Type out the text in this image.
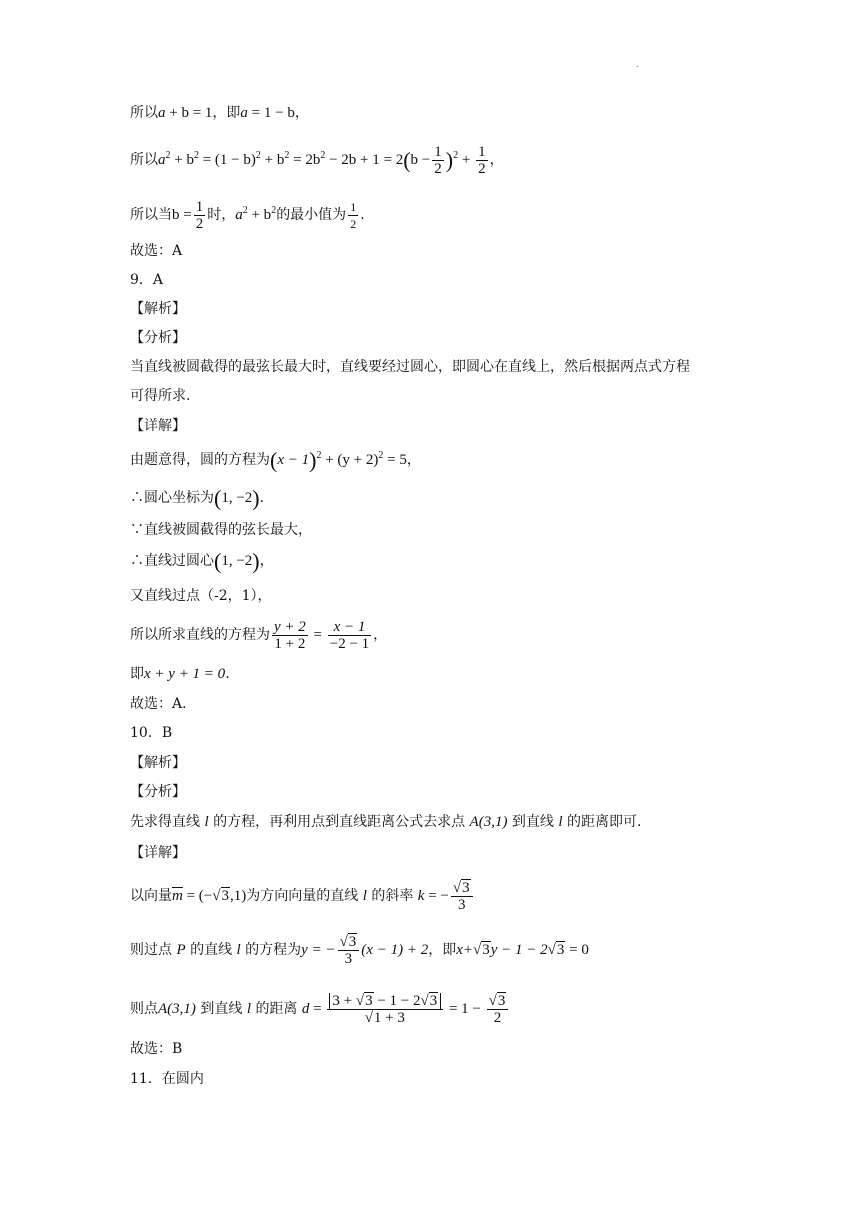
.
所以a + b = 1，即a = 1 − b，
所以$a^2 + b^2 = (1 - b)^2 + b^2 = 2b^2 - 2b + 1 = 2(b - \frac{1}{2} )^2 + \frac{1}{2}$ ，
所以当$b = \frac{1}{2}$ 时，$a^2 + b^2$的最小值为 $\frac{1}{2}$ .
故选：A
9．A
【解析】
【分析】
当直线被圆截得的最弦长最大时，直线要经过圆心，即圆心在直线上，然后根据两点式方程
可得所求.
【详解】
由题意得，圆的方程为$(x - 1)^2 + (y + 2)^2 = 5$，
∴圆心坐标为(1, −2).
∵直线被圆截得的弦长最大，
∴直线过圆心(1, −2)，
又直线过点（-2，1），
所以所求直线的方程为 $\frac{y + 2}{1 + 2} = \frac{x - 1}{-2 - 1}$ ，
即x + y + 1 = 0.
故选：A．
10．B
【解析】
【分析】
先求得直线 l 的方程，再利用点到直线距离公式去求点 A(3,1) 到直线 l 的距离即可.
【详解】
以向量$\overline{m} = (-√3,1)$为方向向量的直线 l 的斜率 k = − $\frac{√3}{3}$
则过点 P 的直线 l 的方程为y = − $\frac{√3}{3} (x - 1) + 2$，即x+√3y − 1 − 2√3 = 0
则点A(3,1) 到直线 l 的距离 $d = \frac{3 + √3 - 1 - 2√3}{√1 + 3} = 1 - \frac{√3}{2}$
故选：B
11．在圆内
